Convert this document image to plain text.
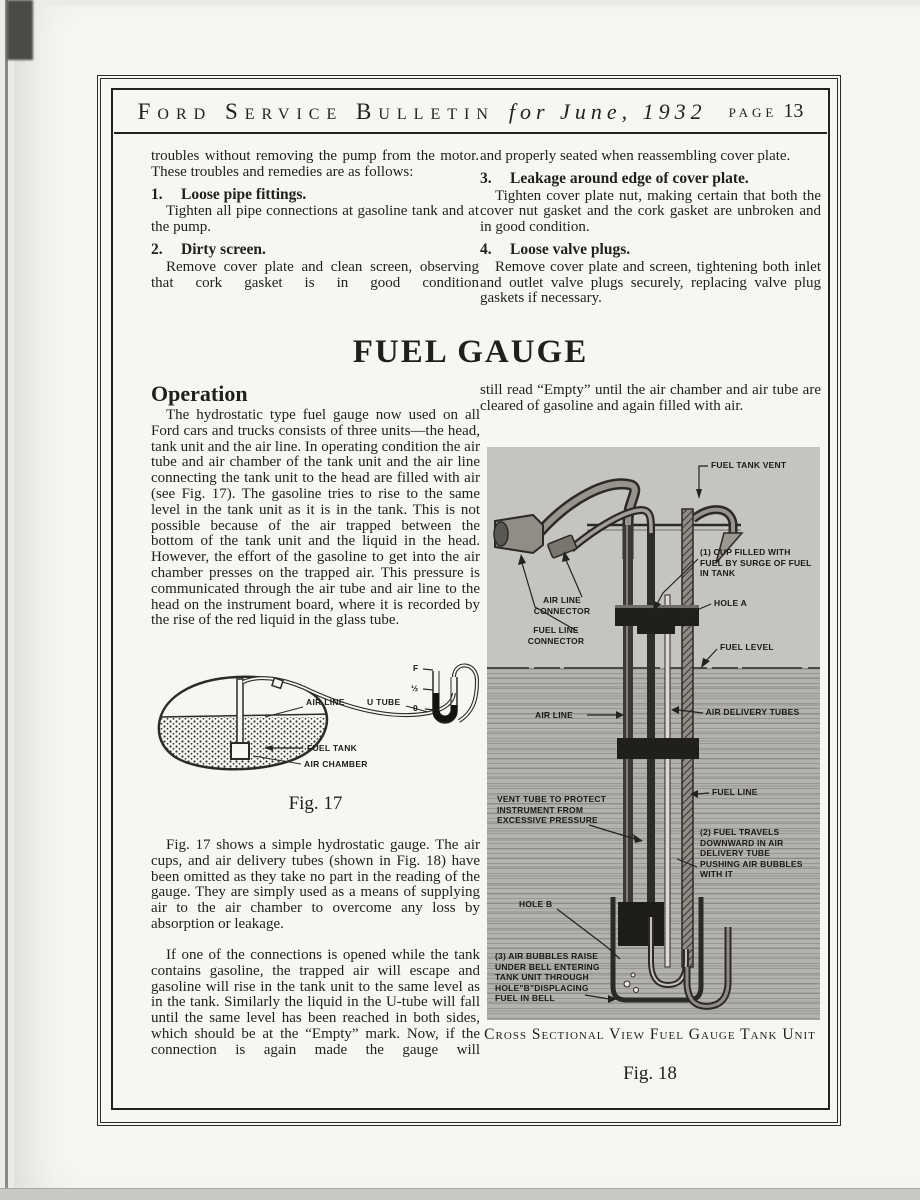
Ford Service Bulletin for June, 1932 page 13

troubles without removing the pump from the motor. These troubles and remedies are as follows:

1. Loose pipe fittings.

Tighten all pipe connections at gasoline tank and at the pump.

2. Dirty screen.

Remove cover plate and clean screen, observing that cork gasket is in good condition

and properly seated when reassembling cover plate.

3. Leakage around edge of cover plate.

Tighten cover plate nut, making certain that both the cover nut gasket and the cork gasket are unbroken and in good condition.

4. Loose valve plugs.

Remove cover plate and screen, tightening both inlet and outlet valve plugs securely, replacing valve plug gaskets if necessary.

FUEL GAUGE
Operation

The hydrostatic type fuel gauge now used on all Ford cars and trucks consists of three units—the head, tank unit and the air line. In operating condition the air tube and air chamber of the tank unit and the air line connecting the tank unit to the head are filled with air (see Fig. 17). The gasoline tries to rise to the same level in the tank unit as it is in the tank. This is not possible because of the air trapped between the bottom of the tank unit and the liquid in the head. However, the effort of the gasoline to get into the air chamber presses on the trapped air. This pressure is communicated through the air tube and air line to the head on the instrument board, where it is recorded by the rise of the red liquid in the glass tube.

AIR LINE	U TUBE
FUEL TANK
AIR CHAMBER
F
½
0
Fig. 17

Fig. 17 shows a simple hydrostatic gauge. The air cups, and air delivery tubes (shown in Fig. 18) have been omitted as they take no part in the reading of the gauge. They are simply used as a means of supplying air to the air chamber to overcome any loss by absorption or leakage.

If one of the connections is opened while the tank contains gasoline, the trapped air will escape and gasoline will rise in the tank unit to the same level as in the tank. Similarly the liquid in the U-tube will fall until the same level has been reached in both sides, which should be at the “Empty” mark. Now, if the connection is again made the gauge will

still read “Empty” until the air chamber and air tube are cleared of gasoline and again filled with air.

FUEL TANK VENT
(1) CUP FILLED WITH FUEL BY SURGE OF FUEL IN TANK
HOLE A
FUEL LEVEL
AIR LINE CONNECTOR
FUEL LINE CONNECTOR
AIR LINE	AIR DELIVERY TUBES
FUEL LINE
VENT TUBE TO PROTECT INSTRUMENT FROM EXCESSIVE PRESSURE
(2) FUEL TRAVELS DOWNWARD IN AIR DELIVERY TUBE PUSHING AIR BUBBLES WITH IT
HOLE B
(3) AIR BUBBLES RAISE UNDER BELL ENTERING TANK UNIT THROUGH HOLE"B"DISPLACING FUEL IN BELL
Cross Sectional View Fuel Gauge Tank Unit
Fig. 18
